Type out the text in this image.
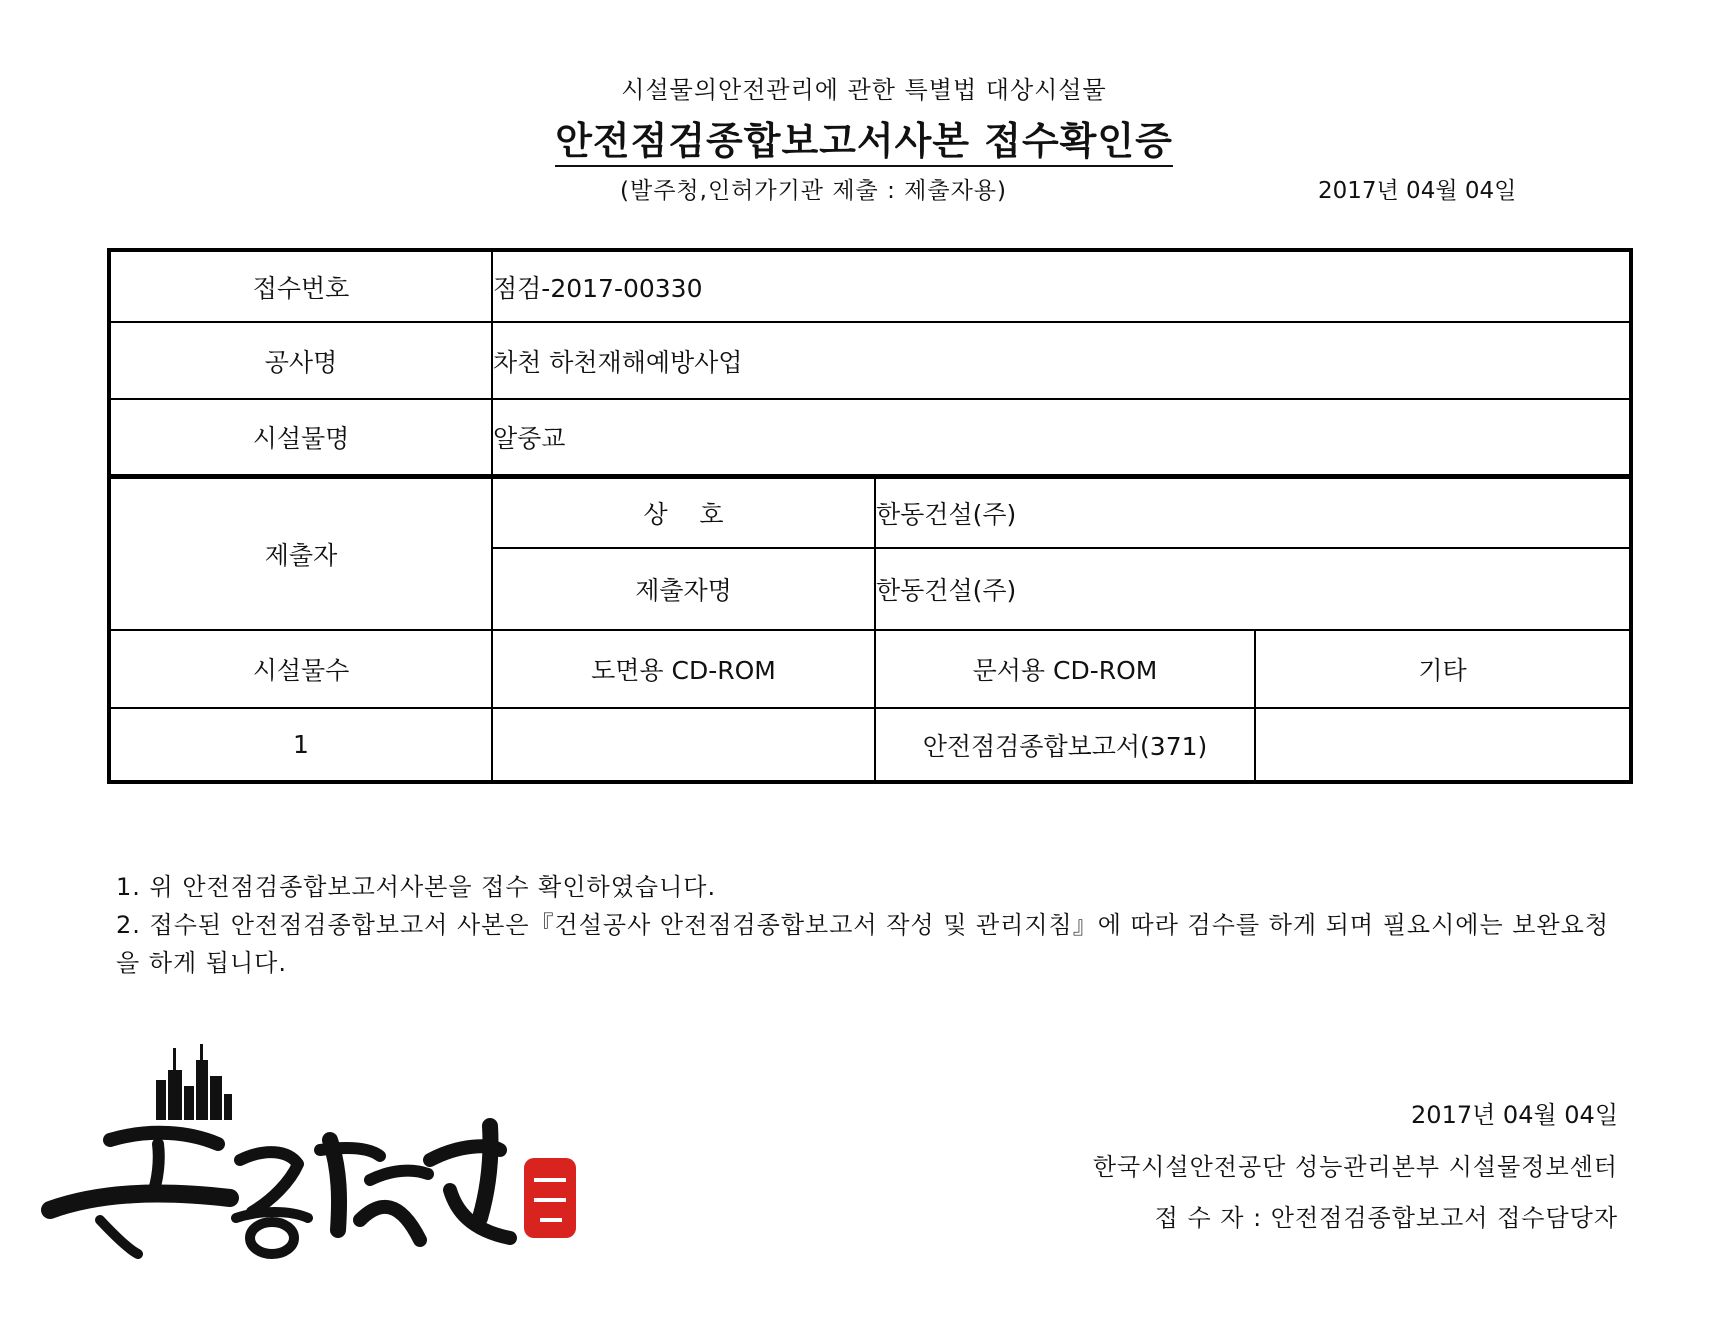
시설물의안전관리에 관한 특별법 대상시설물
안전점검종합보고서사본 접수확인증
(발주청,인허가기관 제출 : 제출자용)	2017년 04월 04일
접수번호	점검-2017-00330		
공사명	차천 하천재해예방사업		
시설물명	알중교		
제출자	상    호	한동건설(주)	
	제출자명	한동건설(주)	
시설물수	도면용 CD-ROM	문서용 CD-ROM	기타
1		안전점검종합보고서(371)	
1. 위 안전점검종합보고서사본을 접수 확인하였습니다.
2. 접수된 안전점검종합보고서 사본은『건설공사 안전점검종합보고서 작성 및 관리지침』에 따라 검수를 하게 되며 필요시에는 보완요청을 하게 됩니다.
2017년 04월 04일
한국시설안전공단 성능관리본부 시설물정보센터
접 수 자 : 안전점검종합보고서 접수담당자
